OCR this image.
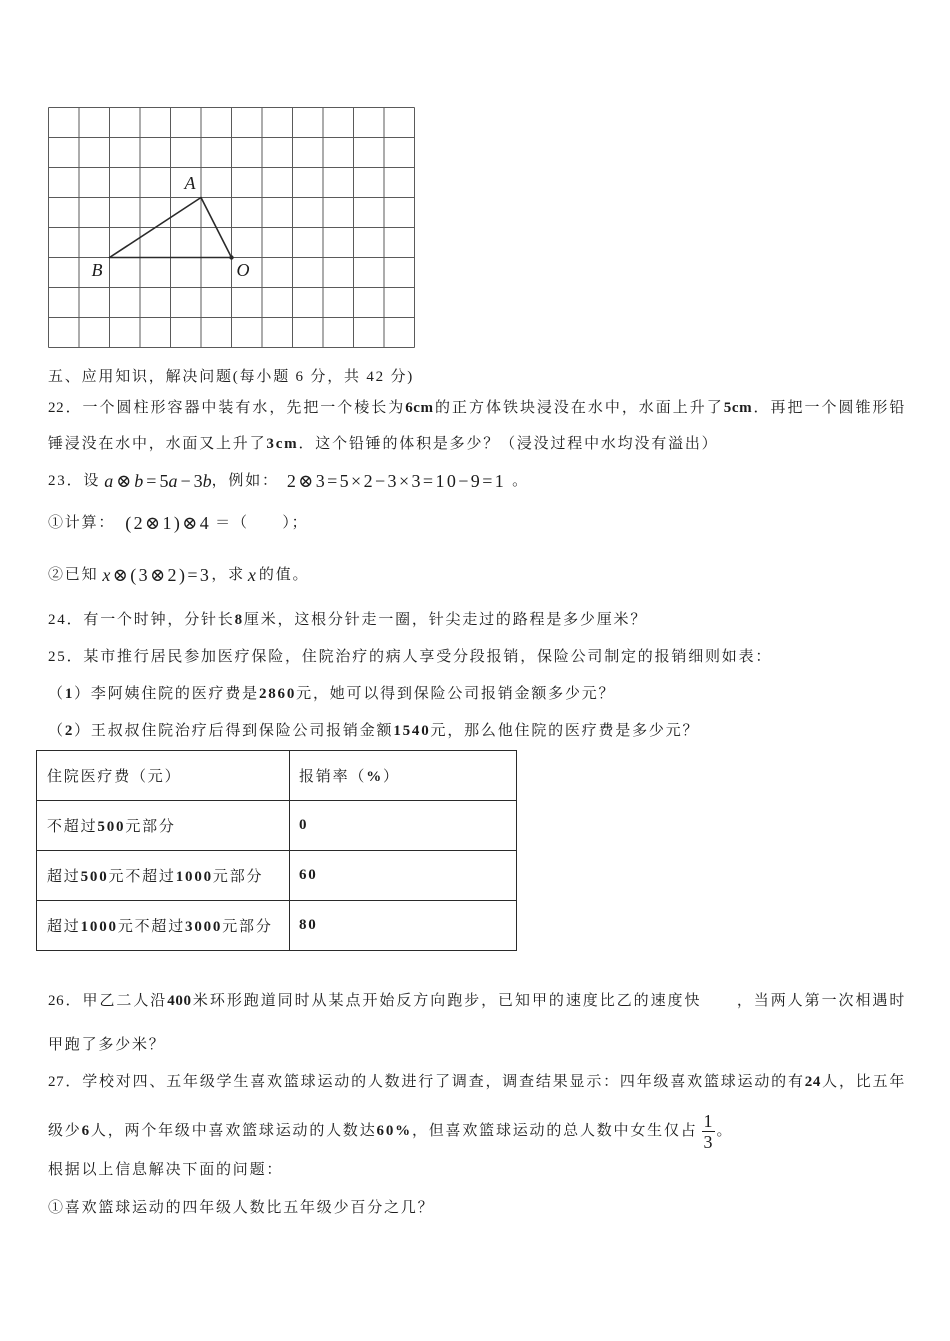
A
B	O
五、应用知识，解决问题(每小题 6 分，共 42 分)
22．一个圆柱形容器中装有水，先把一个棱长为6cm的正方体铁块浸没在水中，水面上升了5cm．再把一个圆锥形铅
锤浸没在水中，水面又上升了3cm．这个铅锤的体积是多少？（浸没过程中水均没有溢出）
23．设 a ⊗ b = 5a − 3b ，例如： 2⊗3=5×2−3×3=10−9=1 。
①计算： (2⊗1)⊗4 ＝（　　）；
②已知 x⊗(3⊗2)=3 ，求 x 的值。
24．有一个时钟，分针长8厘米，这根分针走一圈，针尖走过的路程是多少厘米？
25．某市推行居民参加医疗保险，住院治疗的病人享受分段报销，保险公司制定的报销细则如表：
（1）李阿姨住院的医疗费是2860元，她可以得到保险公司报销金额多少元？
（2）王叔叔住院治疗后得到保险公司报销金额1540元，那么他住院的医疗费是多少元？
住院医疗费（元）	报销率（%）
不超过500元部分	0
超过500元不超过1000元部分	60
超过1000元不超过3000元部分	80
26．甲乙二人沿400米环形跑道同时从某点开始反方向跑步，已知甲的速度比乙的速度快 ，当两人第一次相遇时
甲跑了多少米？
27．学校对四、五年级学生喜欢篮球运动的人数进行了调查，调查结果显示：四年级喜欢篮球运动的有24人，比五年
级少 6 人，两个年级中喜欢篮球运动的人数达 60% ，但喜欢篮球运动的总人数中女生仅占 $\frac{1}{3}$ 。
根据以上信息解决下面的问题：
①喜欢篮球运动的四年级人数比五年级少百分之几？
